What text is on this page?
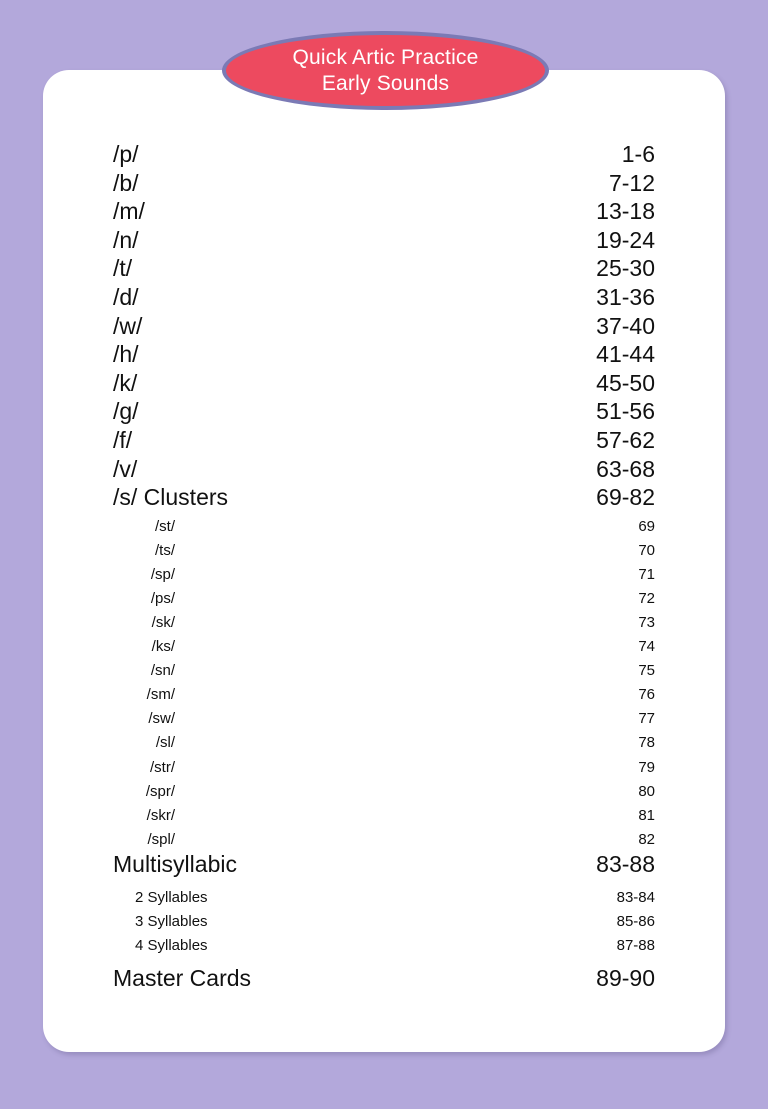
Quick Artic Practice
Early Sounds
/p/	1-6
/b/	7-12
/m/	13-18
/n/	19-24
/t/	25-30
/d/	31-36
/w/	37-40
/h/	41-44
/k/	45-50
/g/	51-56
/f/	57-62
/v/	63-68
/s/ Clusters	69-82
/st/	69
/ts/	70
/sp/	71
/ps/	72
/sk/	73
/ks/	74
/sn/	75
/sm/	76
/sw/	77
/sl/	78
/str/	79
/spr/	80
/skr/	81
/spl/	82
Multisyllabic	83-88
2 Syllables	83-84
3 Syllables	85-86
4 Syllables	87-88
Master Cards	89-90
